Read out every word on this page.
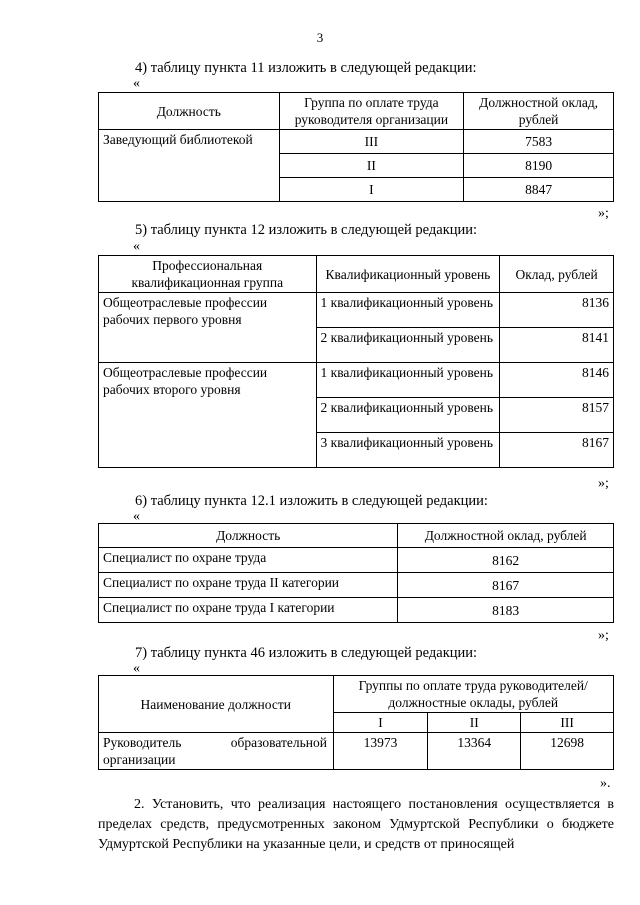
3
4) таблицу пункта 11 изложить в следующей редакции:
«
Должность	Группа по оплате труда руководителя организации	Должностной оклад, рублей
Заведующий библиотекой	III	7583
	II	8190
	I	8847
»;
5) таблицу пункта 12 изложить в следующей редакции:
«
Профессиональная квалификационная группа	Квалификационный уровень	Оклад, рублей
Общеотраслевые профессии рабочих первого уровня	1 квалификационный уровень	8136
	2 квалификационный уровень	8141
Общеотраслевые профессии рабочих второго уровня	1 квалификационный уровень	8146
	2 квалификационный уровень	8157
	3 квалификационный уровень	8167
»;
6) таблицу пункта 12.1 изложить в следующей редакции:
«
Должность	Должностной оклад, рублей
Специалист по охране труда	8162
Специалист по охране труда II категории	8167
Специалист по охране труда I категории	8183
»;
7) таблицу пункта 46 изложить в следующей редакции:
«
Наименование должности	Группы по оплате труда руководителей/ должностные оклады, рублей		
	I	II	III

Руководитель образовательной
организации	13973	13364	12698
».
2. Установить, что реализация настоящего постановления осуществляется в пределах средств, предусмотренных законом Удмуртской Республики о бюджете Удмуртской Республики на указанные цели, и средств от приносящей
